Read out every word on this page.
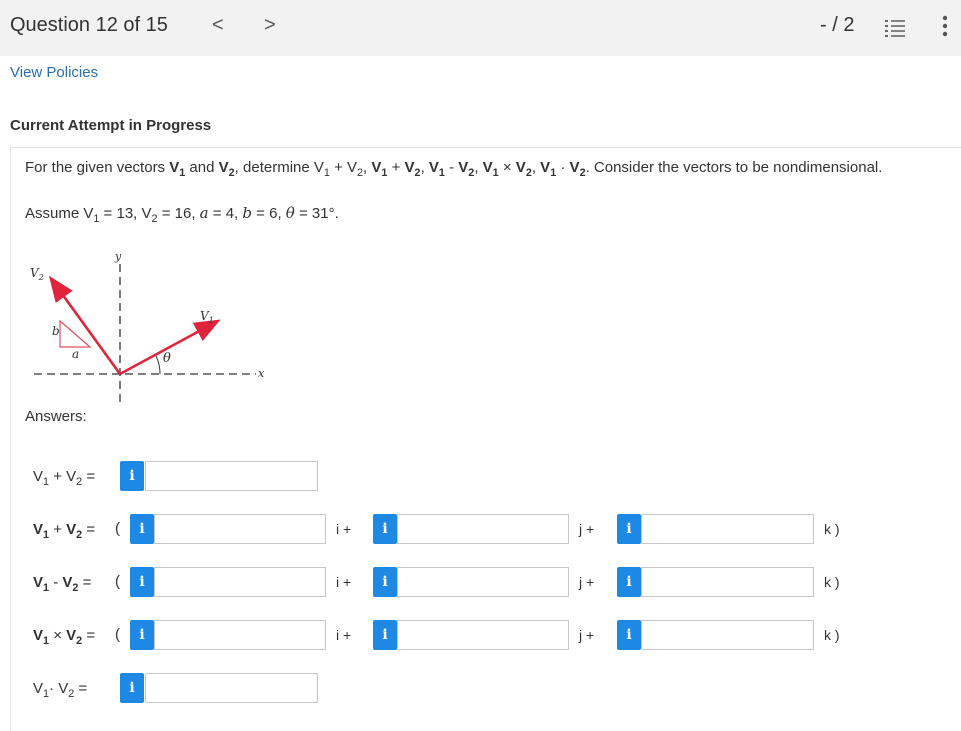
Question 12 of 15 < >	- / 2
View Policies
Current Attempt in Progress
For the given vectors $V_1$ and $V_2$, determine $V_1 + V_2$, $V_1 + V_2$, $V_1 - V_2$, $V_1 \times V_2$, $V_1 \cdot V_2$. Consider the vectors to be nondimensional.
Assume $V_1 = 13$, $V_2 = 16$, a = 4, b = 6, θ = 31°.
$V_2$
$V_1$
y
x
a
b
θ
Answers:
$V_1 + V_2$ =	i
$V_1 + V_2$ = (	i	i +	i	j +	i	k )
$V_1 - V_2$ = (	i	i +	i	j +	i	k )
$V_1 \times V_2$ = (	i	i +	i	j +	i	k )
$V_1\cdot V_2$ =	i
